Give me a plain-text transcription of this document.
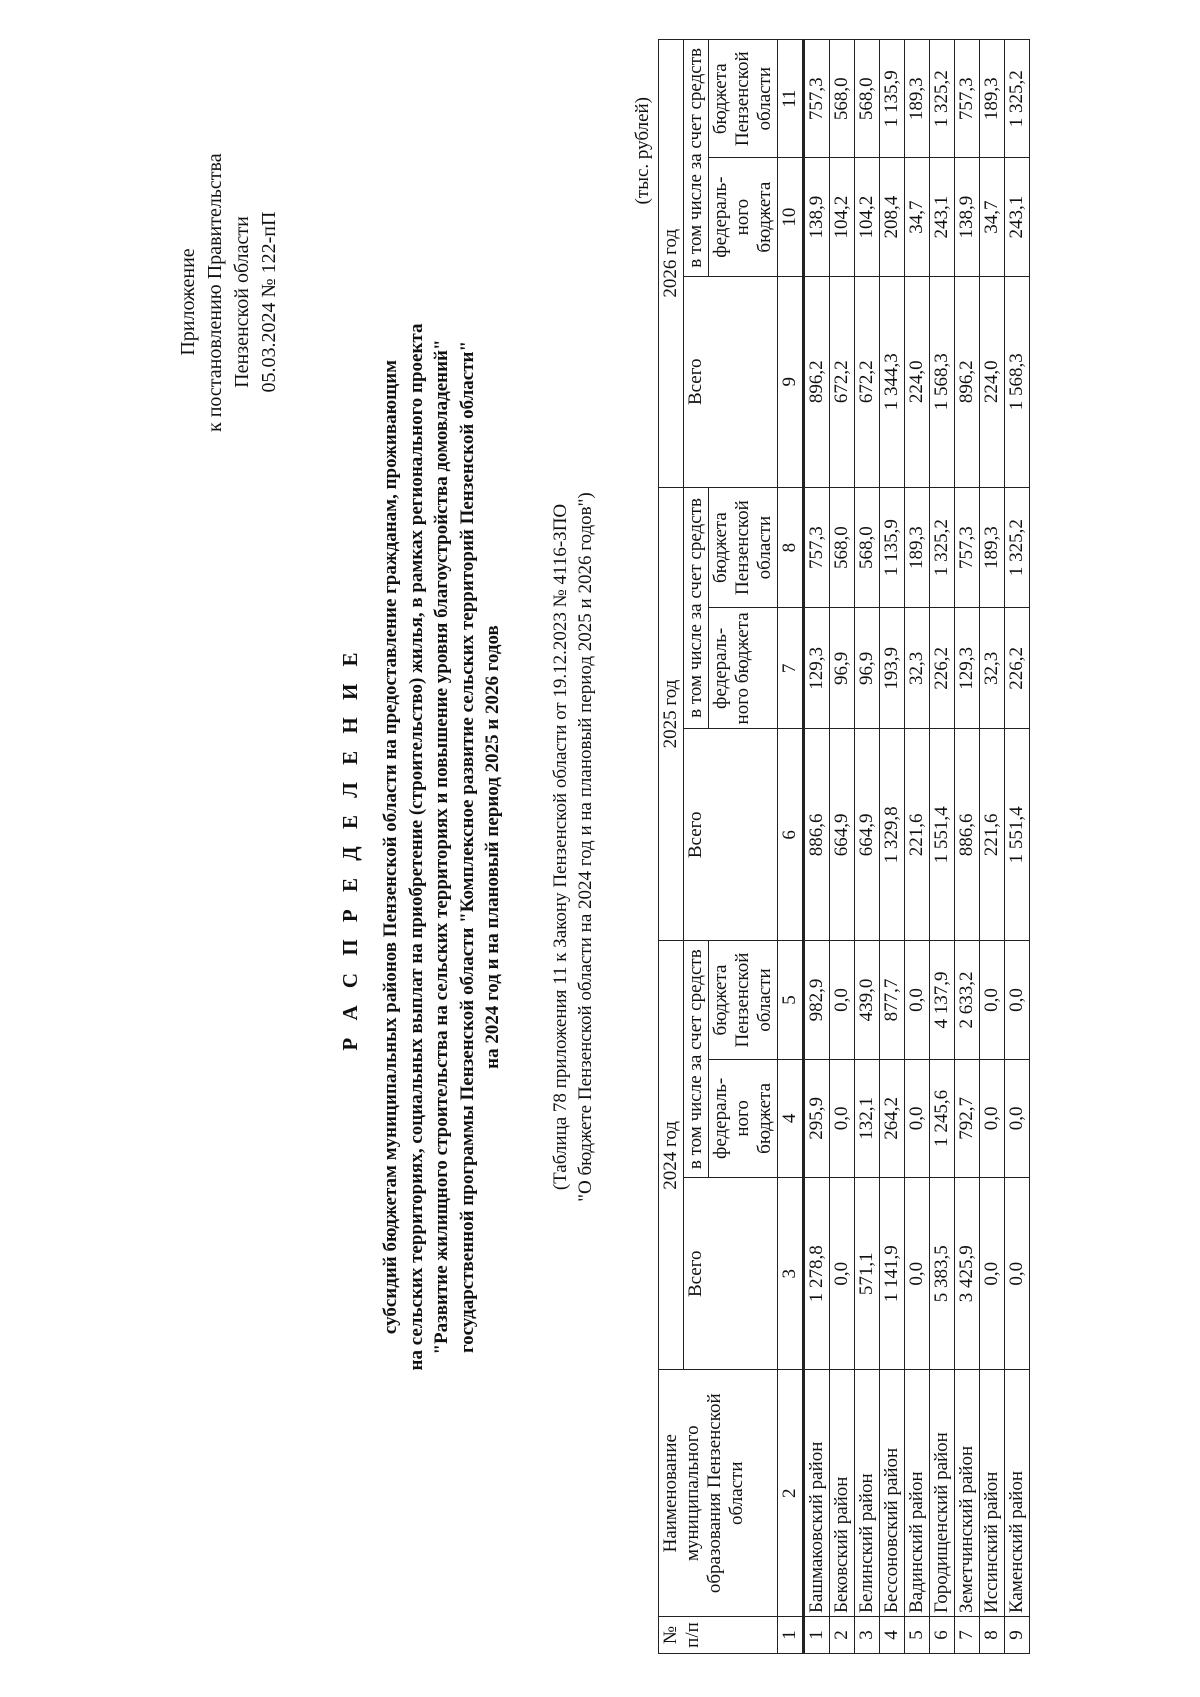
Приложение к постановлению Правительства Пензенской области 05.03.2024 № 122-пП
Р А С П Р Е Д Е Л Е Н И Е субсидий бюджетам муниципальных районов Пензенской области на предоставление гражданам, проживающим на сельских территориях, социальных выплат на приобретение (строительство) жилья, в рамках регионального проекта "Развитие жилищного строительства на сельских территориях и повышение уровня благоустройства домовладений" государственной программы Пензенской области "Комплексное развитие сельских территорий Пензенской области" на 2024 год и на плановый период 2025 и 2026 годов (Таблица 78 приложения 11 к Закону Пензенской области от 19.12.2023 № 4116-ЗПО "О бюджете Пензенской области на 2024 год и на плановый период 2025 и 2026 годов")
(тыс. рублей)
№ п/п	Наименование муниципального образования Пензенской области	2024 год			2025 год			2026 год		
		Всего	в том числе за счет средств		Всего	в том числе за счет средств		Всего	в том числе за счет средств	
			федераль-ного бюджета	бюджета Пензенской области		федераль-ного бюджета	бюджета Пензенской области		федераль-ного бюджета	бюджета Пензенской области
1	2	3	4	5	6	7	8	9	10	11
1	Башмаковский район	1 278,8	295,9	982,9	886,6	129,3	757,3	896,2	138,9	757,3
2	Бековский район	0,0	0,0	0,0	664,9	96,9	568,0	672,2	104,2	568,0
3	Белинский район	571,1	132,1	439,0	664,9	96,9	568,0	672,2	104,2	568,0
4	Бессоновский район	1 141,9	264,2	877,7	1 329,8	193,9	1 135,9	1 344,3	208,4	1 135,9
5	Вадинский район	0,0	0,0	0,0	221,6	32,3	189,3	224,0	34,7	189,3
6	Городищенский район	5 383,5	1 245,6	4 137,9	1 551,4	226,2	1 325,2	1 568,3	243,1	1 325,2
7	Земетчинский район	3 425,9	792,7	2 633,2	886,6	129,3	757,3	896,2	138,9	757,3
8	Иссинский район	0,0	0,0	0,0	221,6	32,3	189,3	224,0	34,7	189,3
9	Каменский район	0,0	0,0	0,0	1 551,4	226,2	1 325,2	1 568,3	243,1	1 325,2
